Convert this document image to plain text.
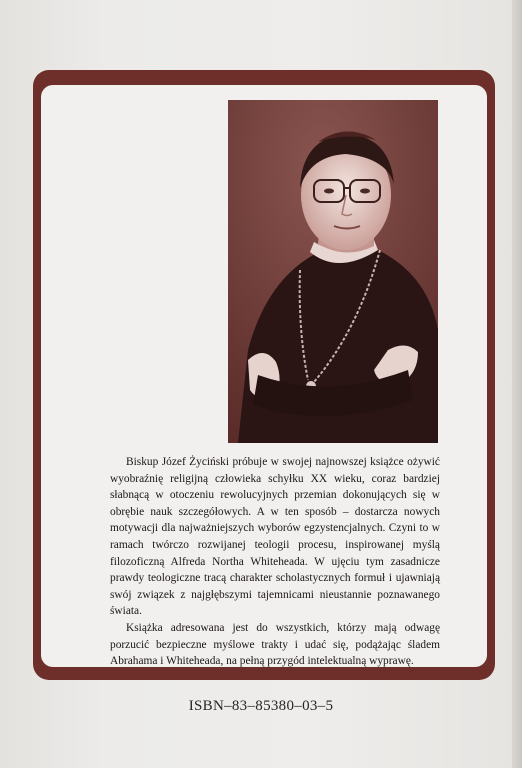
Biskup Józef Życiński próbuje w swojej najnowszej książce ożywić wyobraźnię religijną człowieka schyłku XX wieku, coraz bardziej słabnącą w otoczeniu rewolucyjnych przemian dokonujących się w obrębie nauk szczegółowych. A w ten sposób – dostarcza nowych motywacji dla najważniejszych wyborów egzystencjalnych. Czyni to w ramach twórczo rozwijanej teologii procesu, inspirowanej myślą filozoficzną Alfreda Northa Whiteheada. W ujęciu tym zasadnicze prawdy teologiczne tracą charakter scholastycznych formuł i ujawniają swój związek z najgłębszymi tajemnicami nieustannie poznawanego świata.

Książka adresowana jest do wszystkich, którzy mają odwagę porzucić bezpieczne myślowe trakty i udać się, podążając śladem Abrahama i Whiteheada, na pełną przygód intelektualną wyprawę.

ISBN–83–85380–03–5
